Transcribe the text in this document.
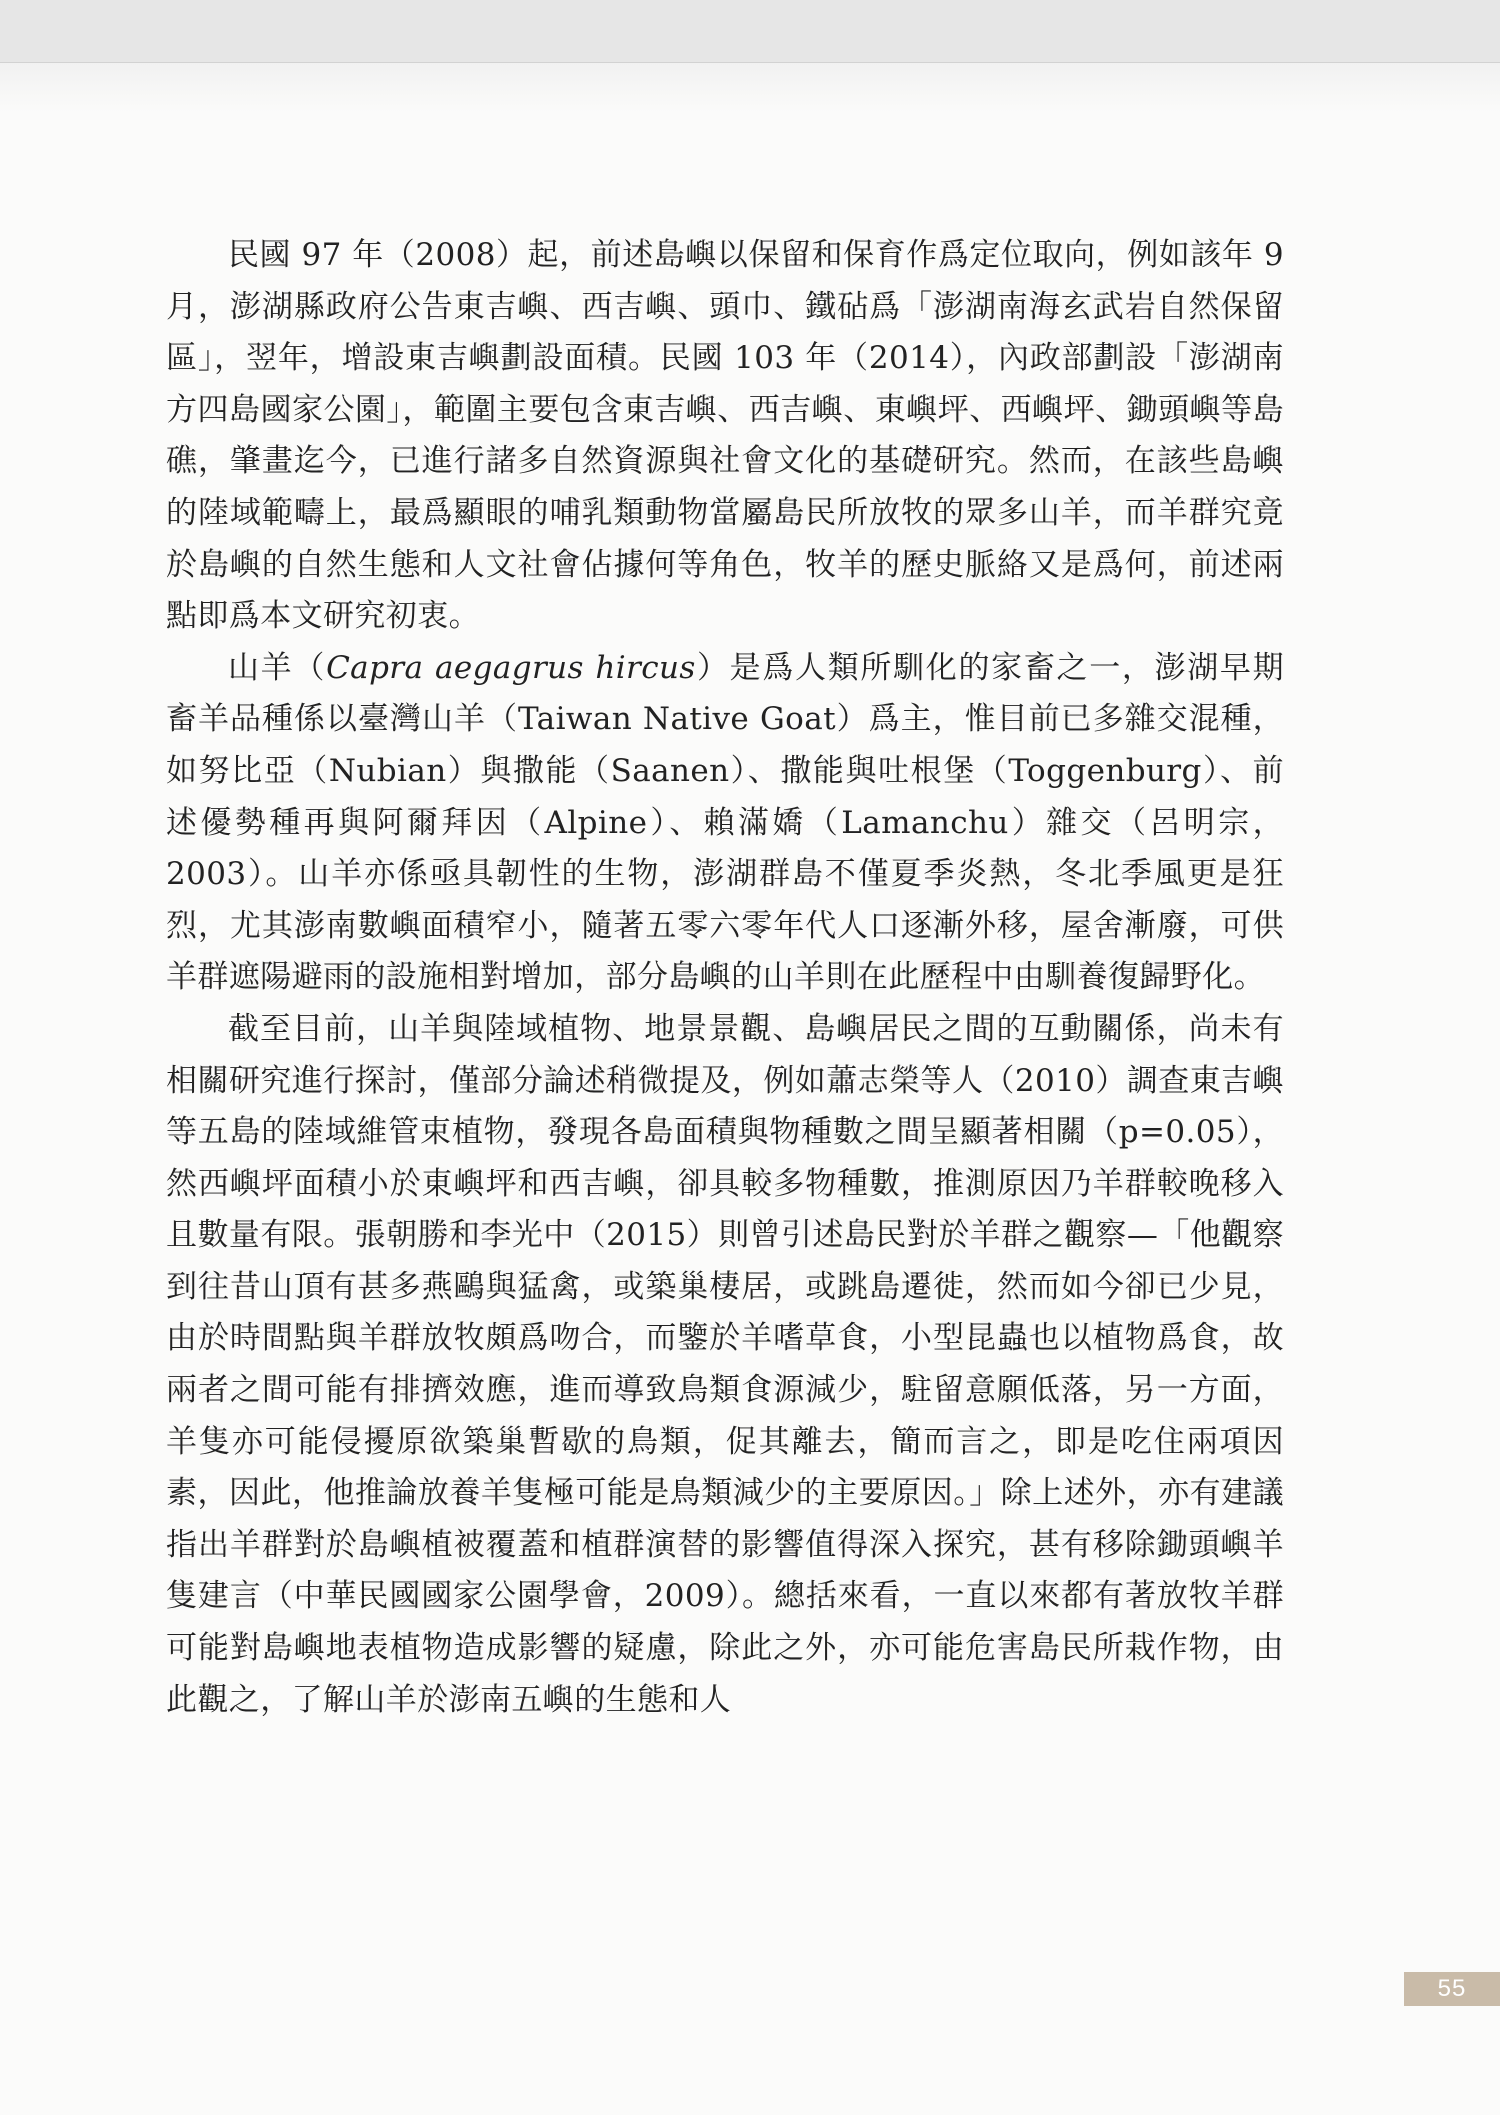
民國 97 年（2008）起，前述島嶼以保留和保育作爲定位取向，例如該年 9 月，澎湖縣政府公告東吉嶼、西吉嶼、頭巾、鐵砧爲「澎湖南海玄武岩自然保留區」，翌年，增設東吉嶼劃設面積。民國 103 年（2014），內政部劃設「澎湖南方四島國家公園」，範圍主要包含東吉嶼、西吉嶼、東嶼坪、西嶼坪、鋤頭嶼等島礁，肇畫迄今，已進行諸多自然資源與社會文化的基礎研究。然而，在該些島嶼的陸域範疇上，最爲顯眼的哺乳類動物當屬島民所放牧的眾多山羊，而羊群究竟於島嶼的自然生態和人文社會佔據何等角色，牧羊的歷史脈絡又是爲何，前述兩點即爲本文研究初衷。

山羊（Capra aegagrus hircus）是爲人類所馴化的家畜之一，澎湖早期畜羊品種係以臺灣山羊（Taiwan Native Goat）爲主，惟目前已多雜交混種，如努比亞（Nubian）與撒能（Saanen）、撒能與吐根堡（Toggenburg）、前述優勢種再與阿爾拜因（Alpine）、賴滿嬌（Lamanchu）雜交（呂明宗，2003）。山羊亦係亟具韌性的生物，澎湖群島不僅夏季炎熱，冬北季風更是狂烈，尤其澎南數嶼面積窄小，隨著五零六零年代人口逐漸外移，屋舍漸廢，可供羊群遮陽避雨的設施相對增加，部分島嶼的山羊則在此歷程中由馴養復歸野化。

截至目前，山羊與陸域植物、地景景觀、島嶼居民之間的互動關係，尚未有相關研究進行探討，僅部分論述稍微提及，例如蕭志榮等人（2010）調查東吉嶼等五島的陸域維管束植物，發現各島面積與物種數之間呈顯著相關（p=0.05），然西嶼坪面積小於東嶼坪和西吉嶼，卻具較多物種數，推測原因乃羊群較晚移入且數量有限。張朝勝和李光中（2015）則曾引述島民對於羊群之觀察—「他觀察到往昔山頂有甚多燕鷗與猛禽，或築巢棲居，或跳島遷徙，然而如今卻已少見，由於時間點與羊群放牧頗爲吻合，而鑒於羊嗜草食，小型昆蟲也以植物爲食，故兩者之間可能有排擠效應，進而導致鳥類食源減少，駐留意願低落，另一方面，羊隻亦可能侵擾原欲築巢暫歇的鳥類，促其離去，簡而言之，即是吃住兩項因素，因此，他推論放養羊隻極可能是鳥類減少的主要原因。」除上述外，亦有建議指出羊群對於島嶼植被覆蓋和植群演替的影響值得深入探究，甚有移除鋤頭嶼羊隻建言（中華民國國家公園學會，2009）。總括來看，一直以來都有著放牧羊群可能對島嶼地表植物造成影響的疑慮，除此之外，亦可能危害島民所栽作物，由此觀之，了解山羊於澎南五嶼的生態和人

55
